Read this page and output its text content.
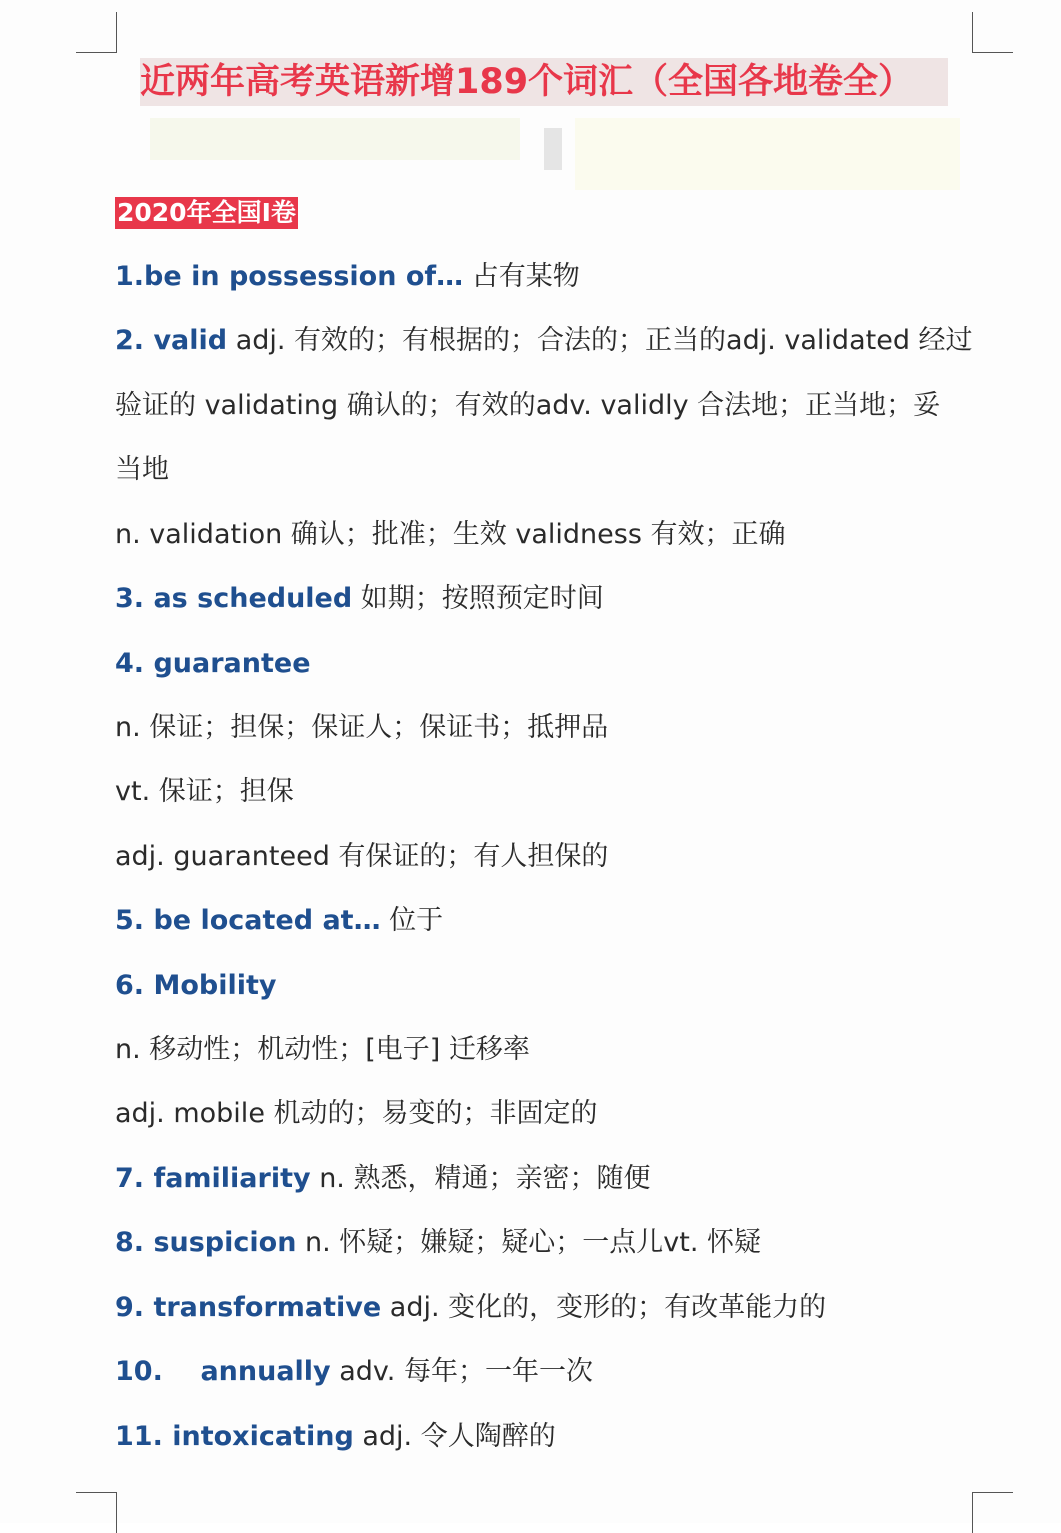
近两年高考英语新增189个词汇（全国各地卷全）
2020年全国I卷
1.be in possession of… 占有某物
2. valid adj. 有效的；有根据的；合法的；正当的adj. validated 经过
验证的 validating 确认的；有效的adv. validly 合法地；正当地；妥
当地
n. validation 确认；批准；生效 validness 有效；正确
3. as scheduled 如期；按照预定时间
4. guarantee
n. 保证；担保；保证人；保证书；抵押品
vt. 保证；担保
adj. guaranteed 有保证的；有人担保的
5. be located at… 位于
6. Mobility
n. 移动性；机动性；[电子] 迁移率
adj. mobile 机动的；易变的；非固定的
7. familiarity n. 熟悉，精通；亲密；随便
8. suspicion n. 怀疑；嫌疑；疑心；一点儿vt. 怀疑
9. transformative adj. 变化的，变形的；有改革能力的
10.    annually adv. 每年；一年一次
11. intoxicating adj. 令人陶醉的
